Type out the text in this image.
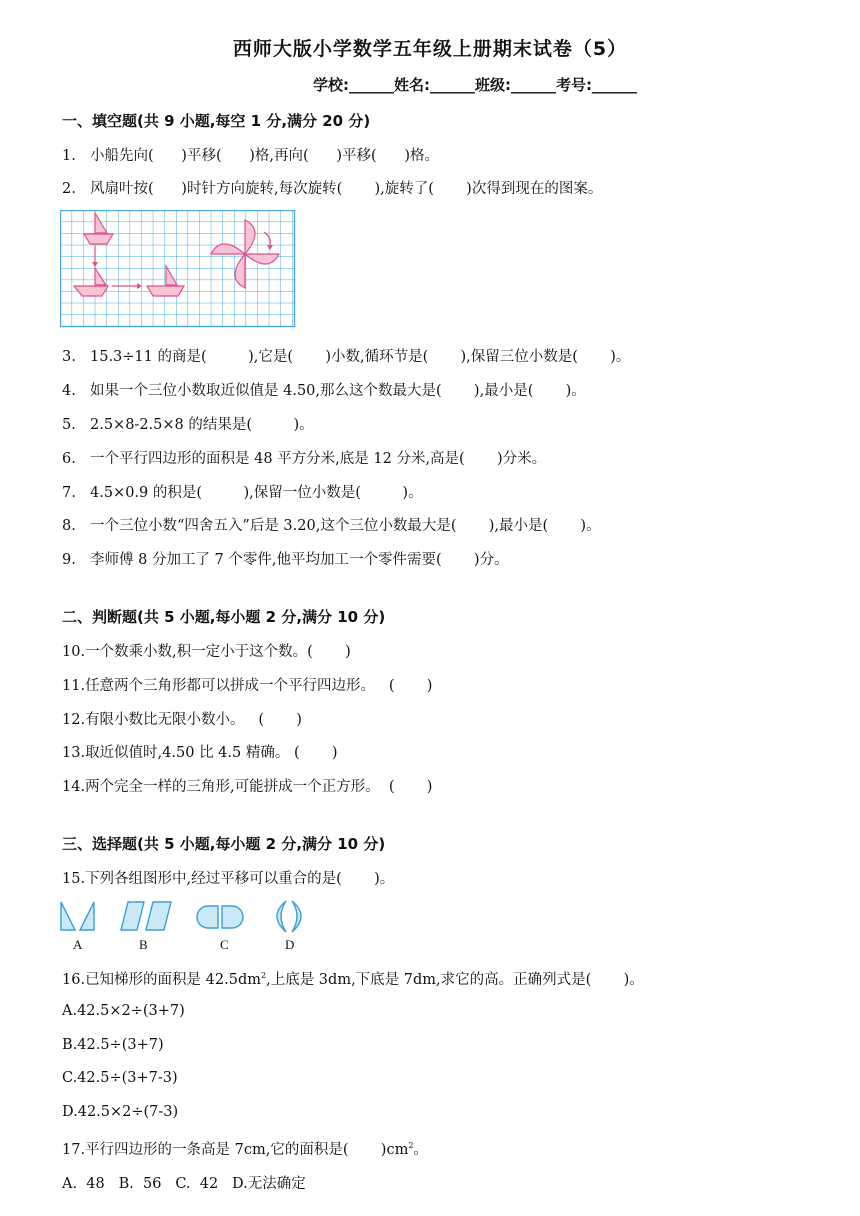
西师大版小学数学五年级上册期末试卷（5）
学校:______姓名:______班级:______考号:______
一、填空题(共 9 小题,每空 1 分,满分 20 分)
1. 小船先向(      )平移(      )格,再向(      )平移(      )格。
2. 风扇叶按(      )时针方向旋转,每次旋转(       ),旋转了(       )次得到现在的图案。
3. 15.3÷11 的商是(         ),它是(       )小数,循环节是(       ),保留三位小数是(       )。
4. 如果一个三位小数取近似值是 4.50,那么这个数最大是(       ),最小是(       )。
5. 2.5×8-2.5×8 的结果是(         )。
6. 一个平行四边形的面积是 48 平方分米,底是 12 分米,高是(       )分米。
7. 4.5×0.9 的积是(         ),保留一位小数是(         )。
8. 一个三位小数“四舍五入”后是 3.20,这个三位小数最大是(       ),最小是(       )。
9. 李师傅 8 分加工了 7 个零件,他平均加工一个零件需要(       )分。
二、判断题(共 5 小题,每小题 2 分,满分 10 分)
10.一个数乘小数,积一定小于这个数。(       )
11.任意两个三角形都可以拼成一个平行四边形。   (       )
12.有限小数比无限小数小。   (       )
13.取近似值时,4.50 比 4.5 精确。 (       )
14.两个完全一样的三角形,可能拼成一个正方形。  (       )
三、选择题(共 5 小题,每小题 2 分,满分 10 分)
15.下列各组图形中,经过平移可以重合的是(       )。
A	B	C	D
16.已知梯形的面积是 $42.5dm^2$,上底是 3dm,下底是 7dm,求它的高。正确列式是(       )。
A.42.5×2÷(3+7)
B.42.5÷(3+7)
C.42.5÷(3+7-3)
D.42.5×2÷(7-3)
17.平行四边形的一条高是 7cm,它的面积是(       )$cm^2$。
A.  48   B.  56   C.  42   D.无法确定
